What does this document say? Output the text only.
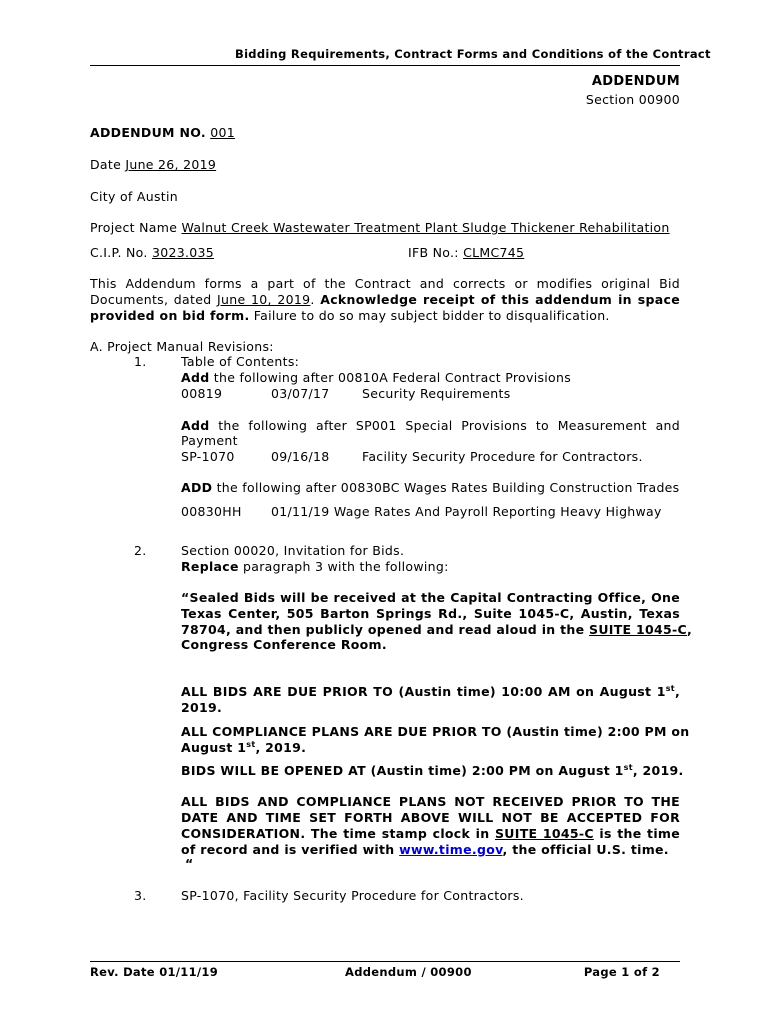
Bidding Requirements, Contract Forms and Conditions of the Contract
ADDENDUM
Section 00900
ADDENDUM NO. 001
Date June 26, 2019
City of Austin
Project Name Walnut Creek Wastewater Treatment Plant Sludge Thickener Rehabilitation
C.I.P. No. 3023.035	IFB No.: CLMC745
This Addendum forms a part of the Contract and corrects or modifies original Bid
Documents, dated June 10, 2019. Acknowledge receipt of this addendum in space
provided on bid form. Failure to do so may subject bidder to disqualification.
A. Project Manual Revisions:
1.	Table of Contents:
Add the following after 00810A Federal Contract Provisions
00819	03/07/17	Security Requirements
Add the following after SP001 Special Provisions to Measurement and
Payment
SP-1070	09/16/18	Facility Security Procedure for Contractors.
ADD the following after 00830BC Wages Rates Building Construction Trades
00830HH 01/11/19 Wage Rates And Payroll Reporting Heavy Highway
2.	Section 00020, Invitation for Bids.
Replace paragraph 3 with the following:
“Sealed Bids will be received at the Capital Contracting Office, One
Texas Center, 505 Barton Springs Rd., Suite 1045-C, Austin, Texas
78704, and then publicly opened and read aloud in the SUITE 1045-C,
Congress Conference Room.
ALL BIDS ARE DUE PRIOR TO (Austin time) 10:00 AM on August 1st,
2019.
ALL COMPLIANCE PLANS ARE DUE PRIOR TO (Austin time) 2:00 PM on
August 1st, 2019.
BIDS WILL BE OPENED AT (Austin time) 2:00 PM on August 1st, 2019.
ALL BIDS AND COMPLIANCE PLANS NOT RECEIVED PRIOR TO THE
DATE AND TIME SET FORTH ABOVE WILL NOT BE ACCEPTED FOR
CONSIDERATION. The time stamp clock in SUITE 1045-C is the time
of record and is verified with www.time.gov, the official U.S. time.
“
3.	SP-1070, Facility Security Procedure for Contractors.
Rev. Date 01/11/19	Addendum / 00900	Page 1 of 2
